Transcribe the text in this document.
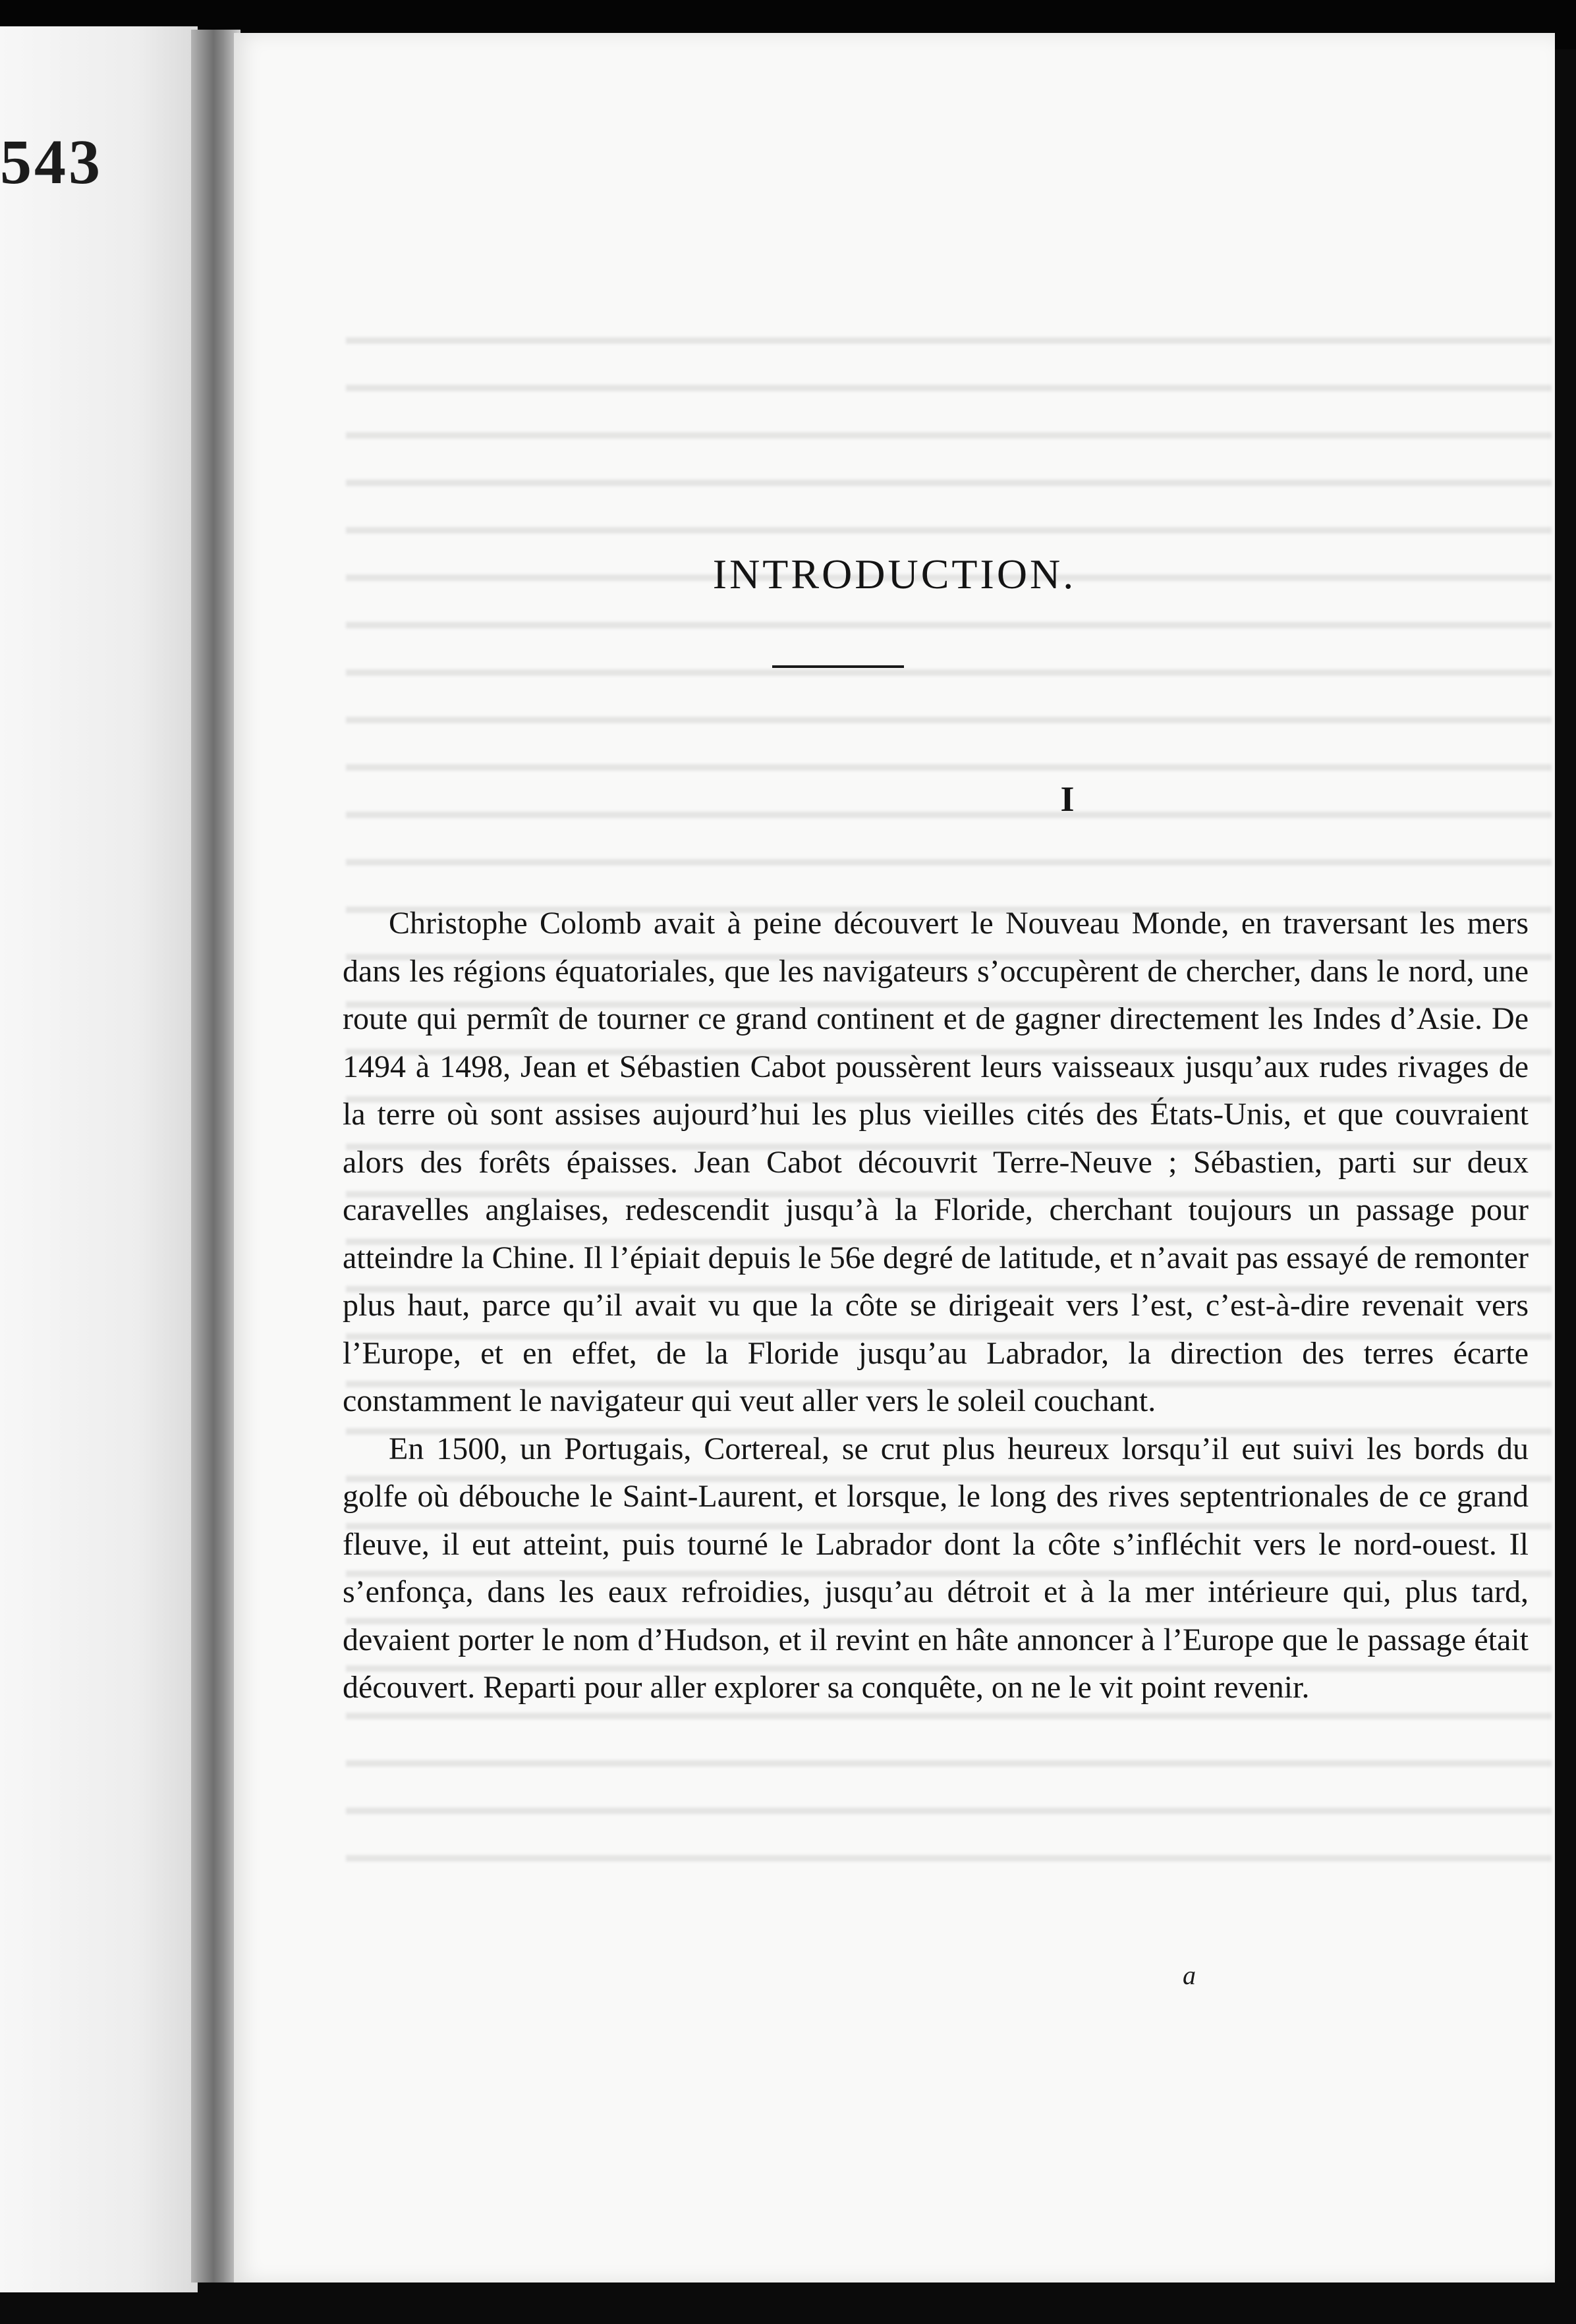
543
INTRODUCTION.
I

Christophe Colomb avait à peine découvert le Nouveau Monde, en traversant les mers dans les régions équatoriales, que les navigateurs s’occupèrent de chercher, dans le nord, une route qui permît de tourner ce grand continent et de gagner directement les Indes d’Asie. De 1494 à 1498, Jean et Sébastien Cabot poussèrent leurs vaisseaux jusqu’aux rudes rivages de la terre où sont assises aujourd’hui les plus vieilles cités des États-Unis, et que couvraient alors des forêts épaisses. Jean Cabot découvrit Terre-Neuve ; Sébastien, parti sur deux caravelles anglaises, redescendit jusqu’à la Floride, cherchant toujours un passage pour atteindre la Chine. Il l’épiait depuis le 56e degré de latitude, et n’avait pas essayé de remonter plus haut, parce qu’il avait vu que la côte se dirigeait vers l’est, c’est-à-dire revenait vers l’Europe, et en effet, de la Floride jusqu’au Labrador, la direction des terres écarte constamment le navigateur qui veut aller vers le soleil couchant.

En 1500, un Portugais, Cortereal, se crut plus heureux lorsqu’il eut suivi les bords du golfe où débouche le Saint-Laurent, et lorsque, le long des rives septentrionales de ce grand fleuve, il eut atteint, puis tourné le Labrador dont la côte s’infléchit vers le nord-ouest. Il s’enfonça, dans les eaux refroidies, jusqu’au détroit et à la mer intérieure qui, plus tard, devaient porter le nom d’Hudson, et il revint en hâte annoncer à l’Europe que le passage était découvert. Reparti pour aller explorer sa conquête, on ne le vit point revenir.

a
